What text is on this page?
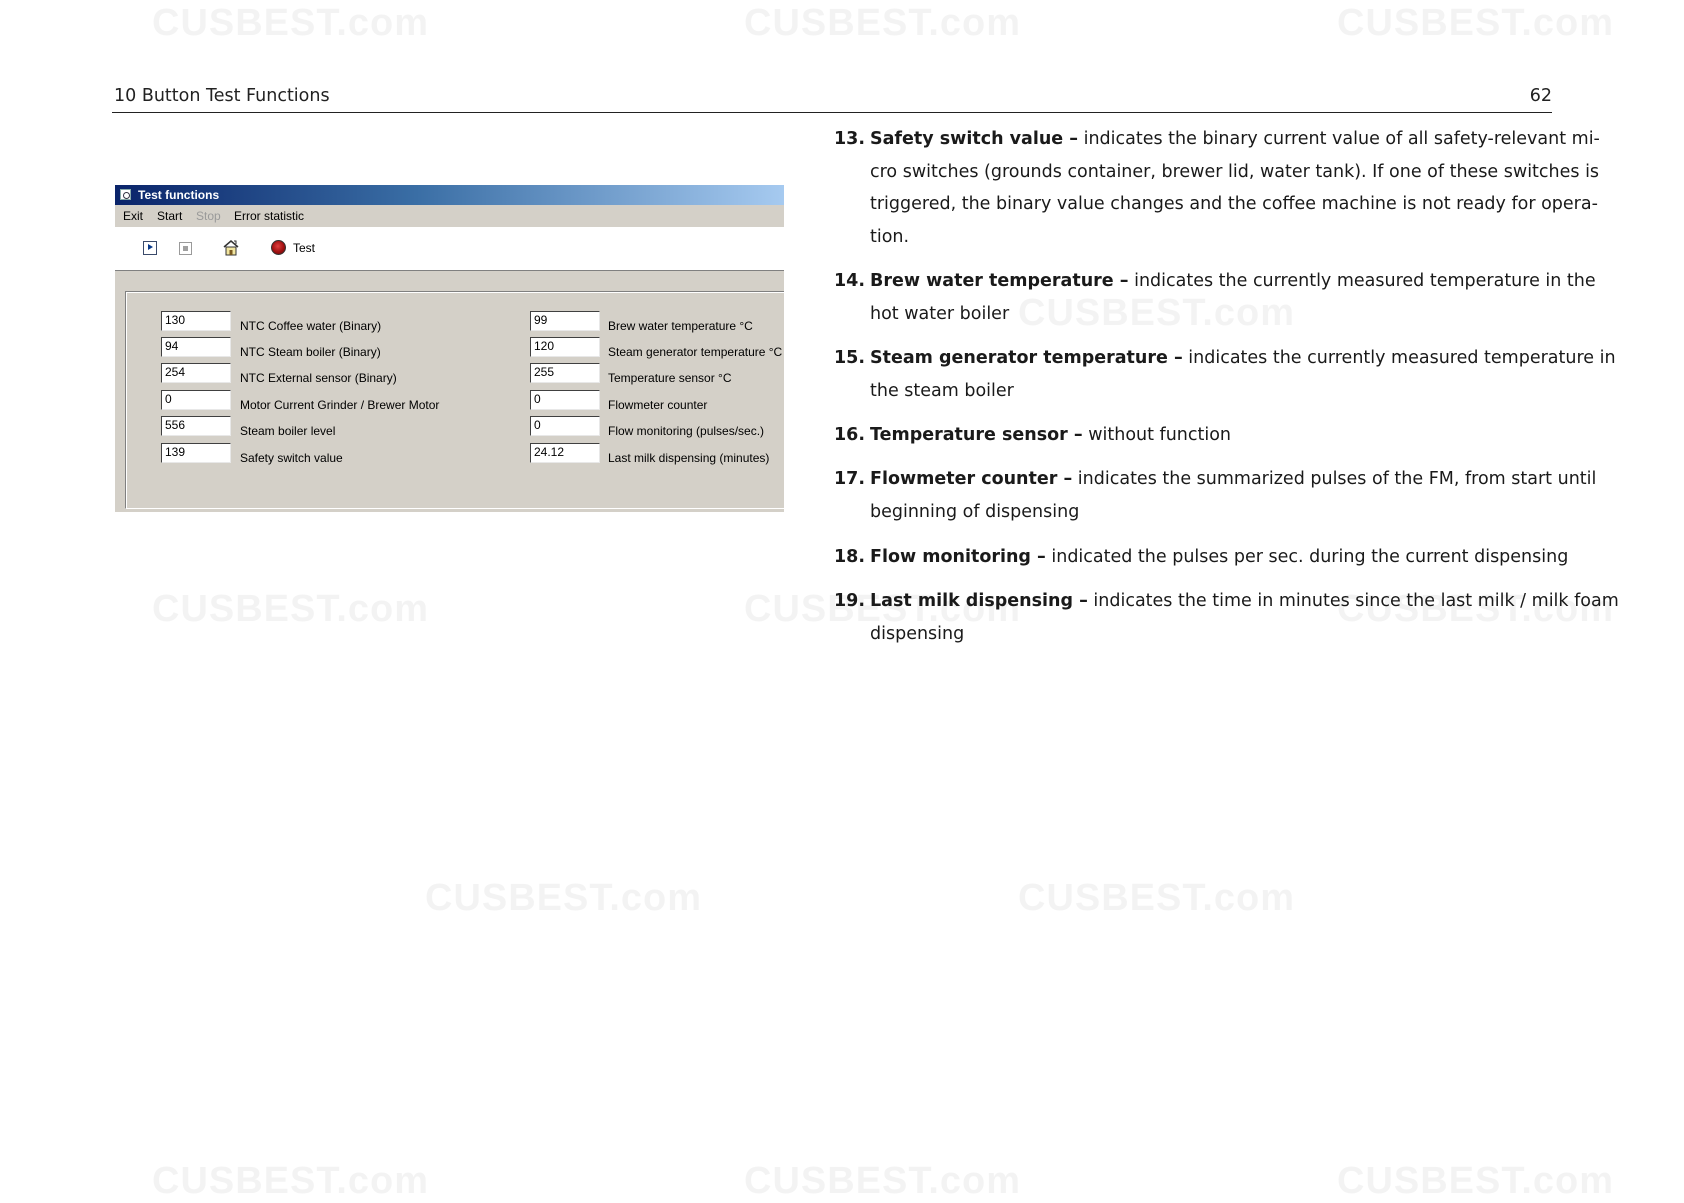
10 Button Test Functions	62
Test functions
Exit Start Stop Error statistic
Test
130	NTC Coffee water (Binary)
94	NTC Steam boiler (Binary)
254	NTC External sensor (Binary)
0	Motor Current Grinder / Brewer Motor
556	Steam boiler level
139	Safety switch value
99	Brew water temperature °C
120	Steam generator temperature °C
255	Temperature sensor °C
0	Flowmeter counter
0	Flow monitoring (pulses/sec.)
24.12	Last milk dispensing (minutes)
13. Safety switch value – indicates the binary current value of all safety-relevant mi-
cro switches (grounds container, brewer lid, water tank). If one of these switches is
triggered, the binary value changes and the coffee machine is not ready for opera-
tion.
14. Brew water temperature – indicates the currently measured temperature in the
hot water boiler
15. Steam generator temperature – indicates the currently measured temperature in
the steam boiler
16. Temperature sensor – without function
17. Flowmeter counter – indicates the summarized pulses of the FM, from start until
beginning of dispensing
18. Flow monitoring – indicated the pulses per sec. during the current dispensing
19. Last milk dispensing – indicates the time in minutes since the last milk / milk foam
dispensing
